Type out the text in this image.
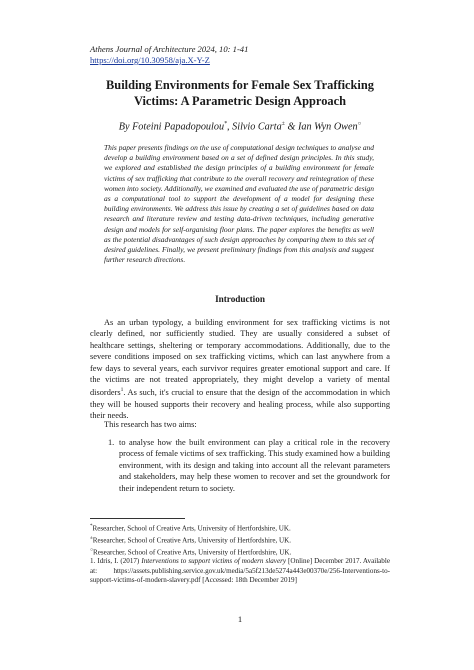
Athens Journal of Architecture 2024, 10: 1-41
https://doi.org/10.30958/aja.X-Y-Z
Building Environments for Female Sex Trafficking Victims: A Parametric Design Approach
By Foteini Papadopoulou*, Silvio Carta± & Ian Wyn Owen○
This paper presents findings on the use of computational design techniques to analyse and develop a building environment based on a set of defined design principles. In this study, we explored and established the design principles of a building environment for female victims of sex trafficking that contribute to the overall recovery and reintegration of these women into society. Additionally, we examined and evaluated the use of parametric design as a computational tool to support the development of a model for designing these building environments. We address this issue by creating a set of guidelines based on data research and literature review and testing data-driven techniques, including generative design and models for self-organising floor plans. The paper explores the benefits as well as the potential disadvantages of such design approaches by comparing them to this set of desired guidelines. Finally, we present preliminary findings from this analysis and suggest further research directions.
Introduction
As an urban typology, a building environment for sex trafficking victims is not clearly defined, nor sufficiently studied. They are usually considered a subset of healthcare settings, sheltering or temporary accommodations. Additionally, due to the severe conditions imposed on sex trafficking victims, which can last anywhere from a few days to several years, each survivor requires greater emotional support and care. If the victims are not treated appropriately, they might develop a variety of mental disorders$^1$. As such, it's crucial to ensure that the design of the accommodation in which they will be housed supports their recovery and healing process, while also supporting their needs.
This research has two aims:
1. to analyse how the built environment can play a critical role in the recovery process of female victims of sex trafficking. This study examined how a building environment, with its design and taking into account all the relevant parameters and stakeholders, may help these women to recover and set the groundwork for their independent return to society.
*Researcher, School of Creative Arts, University of Hertfordshire, UK.
±Researcher, School of Creative Arts, University of Hertfordshire, UK.
○Researcher, School of Creative Arts, University of Hertfordshire, UK.
1. Idris, I. (2017) Interventions to support victims of modern slavery [Online] December 2017. Available at: https://assets.publishing.service.gov.uk/media/5a5f213de5274a443e00370e/256-Interventions-to-support-victims-of-modern-slavery.pdf [Accessed: 18th December 2019]
1
